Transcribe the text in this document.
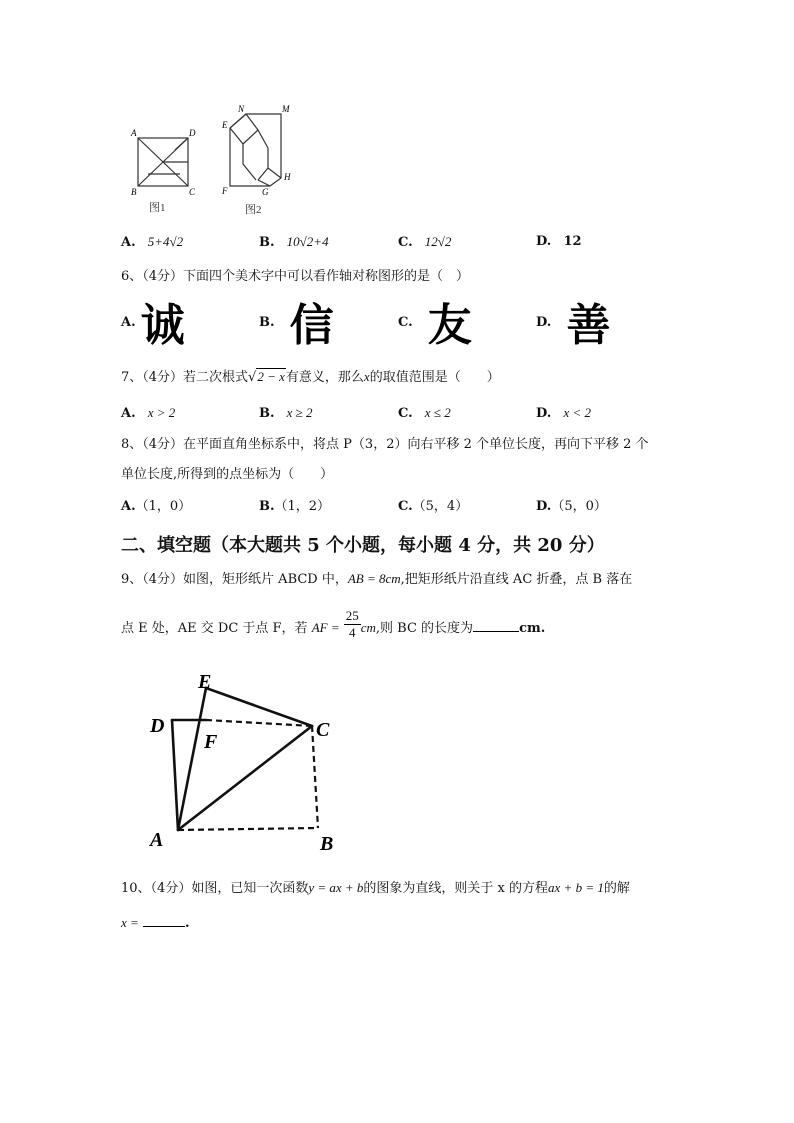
A	D
B	C
图1
N	M
E
F	G
H
图2
A. 5+4√2	B. 10√2+4	C. 12√2	D. 12
6、（4分）下面四个美术字中可以看作轴对称图形的是（　）
$^{A.}$ 诚	$^{B.}$ 信	$^{C.}$ 友	$^{D.}$ 善
7、（4分）若二次根式√2 − x有意义，那么x的取值范围是（　　）
A. x > 2	B. x ≥ 2	C. x ≤ 2	D. x < 2
8、（4分）在平面直角坐标系中，将点 P（3，2）向右平移 2 个单位长度，再向下平移 2 个
单位长度,所得到的点坐标为（　　）
A.（1，0）	B.（1，2）	C.（5，4）	D.（5，0）
二、填空题（本大题共 5 个小题，每小题 4 分，共 20 分）
9、（4分）如图，矩形纸片 ABCD 中，AB = 8cm,把矩形纸片沿直线 AC 折叠，点 B 落在
点 E 处，AE 交 DC 于点 F，若 AF = $\frac{25}{4}$ cm,则 BC 的长度为	cm.
E
D
F
C
A	B
10、（4分）如图，已知一次函数y = ax + b的图象为直线，则关于 x 的方程ax + b = 1的解
x =	.
